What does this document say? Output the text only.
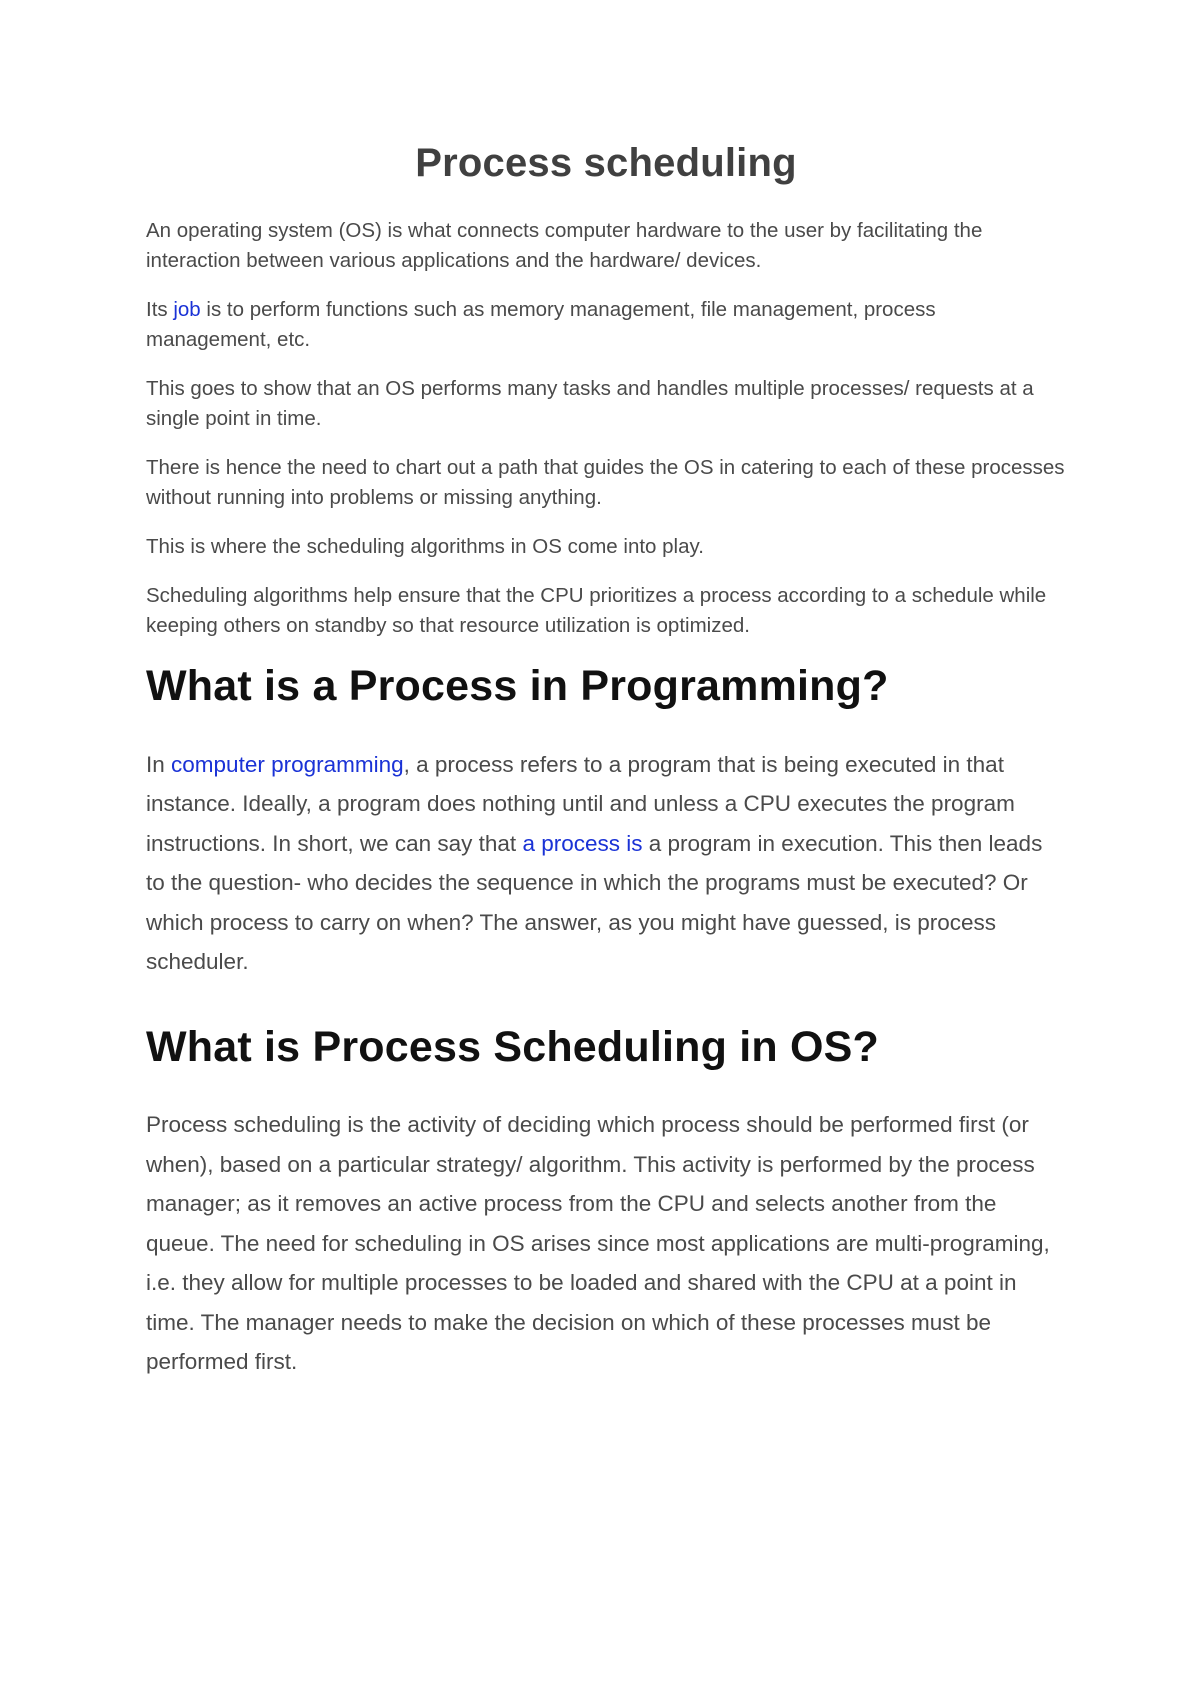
Process scheduling

An operating system (OS) is what connects computer hardware to the user by facilitating the interaction between various applications and the hardware/ devices.

Its job is to perform functions such as memory management, file management, process management, etc.

This goes to show that an OS performs many tasks and handles multiple processes/ requests at a single point in time.

There is hence the need to chart out a path that guides the OS in catering to each of these processes without running into problems or missing anything.

This is where the scheduling algorithms in OS come into play.

Scheduling algorithms help ensure that the CPU prioritizes a process according to a schedule while keeping others on standby so that resource utilization is optimized.

What is a Process in Programming?

In computer programming, a process refers to a program that is being executed in that instance. Ideally, a program does nothing until and unless a CPU executes the program instructions. In short, we can say that a process is a program in execution. This then leads to the question- who decides the sequence in which the programs must be executed? Or which process to carry on when? The answer, as you might have guessed, is process scheduler.

What is Process Scheduling in OS?

Process scheduling is the activity of deciding which process should be performed first (or when), based on a particular strategy/ algorithm. This activity is performed by the process manager; as it removes an active process from the CPU and selects another from the queue. The need for scheduling in OS arises since most applications are multi-programing, i.e. they allow for multiple processes to be loaded and shared with the CPU at a point in time. The manager needs to make the decision on which of these processes must be performed first.
